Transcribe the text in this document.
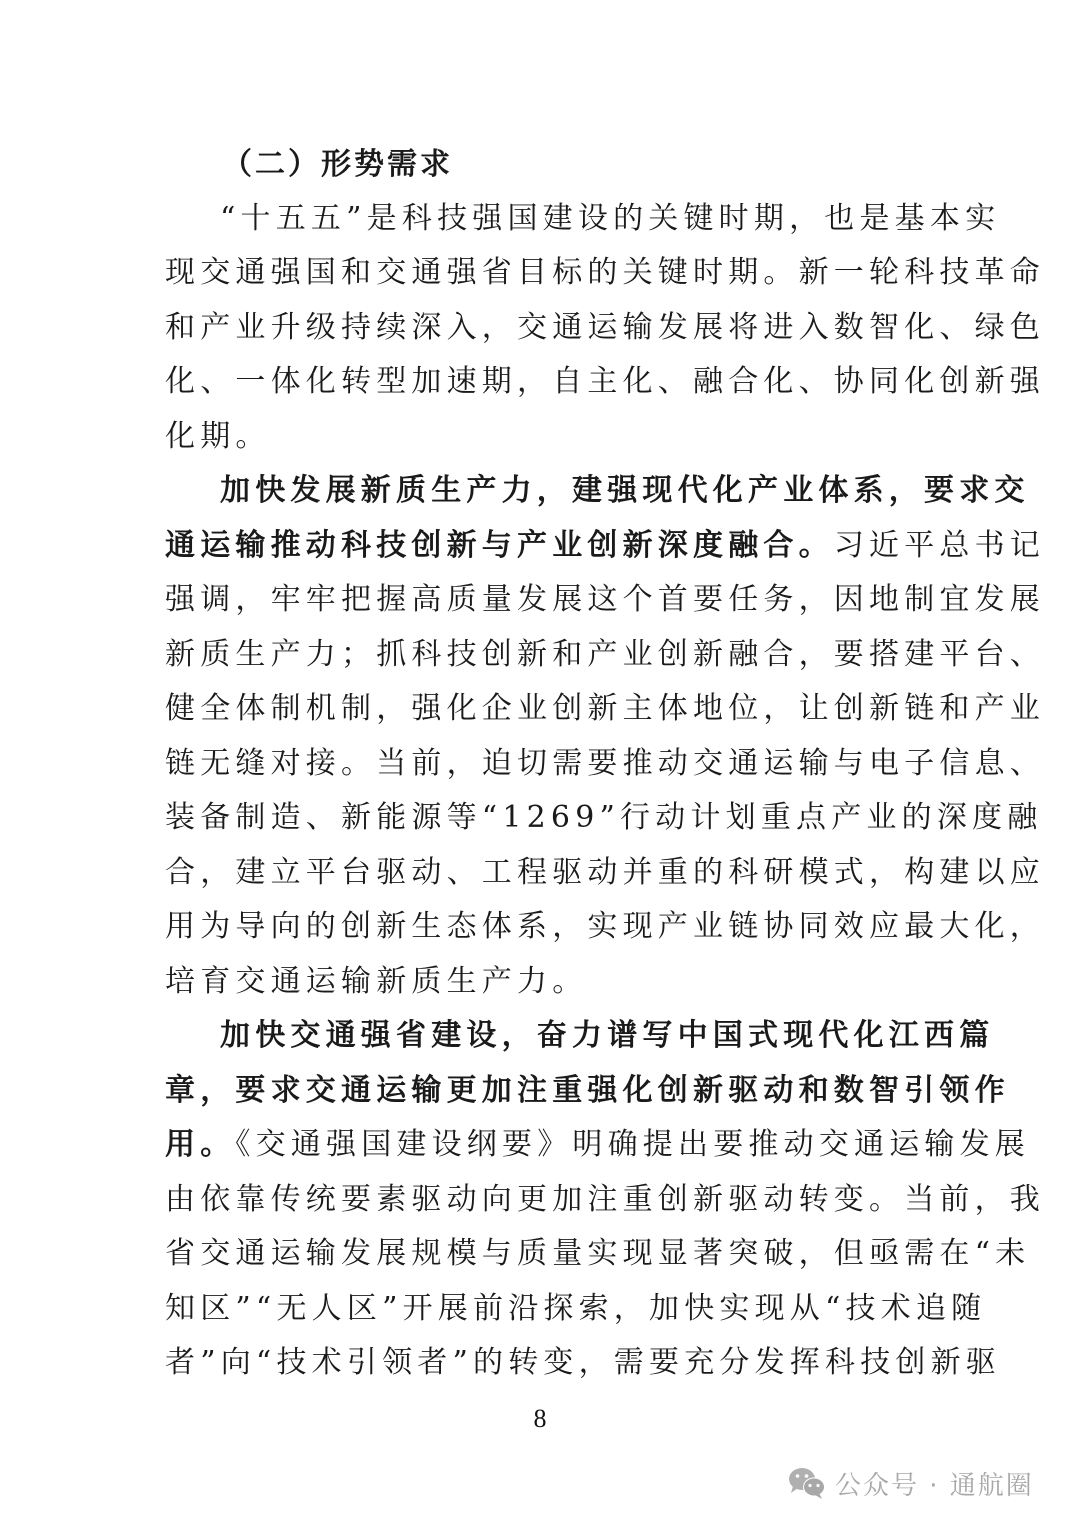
（二）形势需求
“十五五”是科技强国建设的关键时期，也是基本实
现交通强国和交通强省目标的关键时期。新一轮科技革命
和产业升级持续深入，交通运输发展将进入数智化、绿色
化、一体化转型加速期，自主化、融合化、协同化创新强
化期。
加快发展新质生产力，建强现代化产业体系，要求交
通运输推动科技创新与产业创新深度融合。习近平总书记
强调，牢牢把握高质量发展这个首要任务，因地制宜发展
新质生产力；抓科技创新和产业创新融合，要搭建平台、
健全体制机制，强化企业创新主体地位，让创新链和产业
链无缝对接。当前，迫切需要推动交通运输与电子信息、
装备制造、新能源等“1269”行动计划重点产业的深度融
合，建立平台驱动、工程驱动并重的科研模式，构建以应
用为导向的创新生态体系，实现产业链协同效应最大化，
培育交通运输新质生产力。
加快交通强省建设，奋力谱写中国式现代化江西篇
章，要求交通运输更加注重强化创新驱动和数智引领作
用。《交通强国建设纲要》明确提出要推动交通运输发展
由依靠传统要素驱动向更加注重创新驱动转变。当前，我
省交通运输发展规模与质量实现显著突破，但亟需在“未
知区”“无人区”开展前沿探索，加快实现从“技术追随
者”向“技术引领者”的转变，需要充分发挥科技创新驱
8
公众号 · 通航圈
